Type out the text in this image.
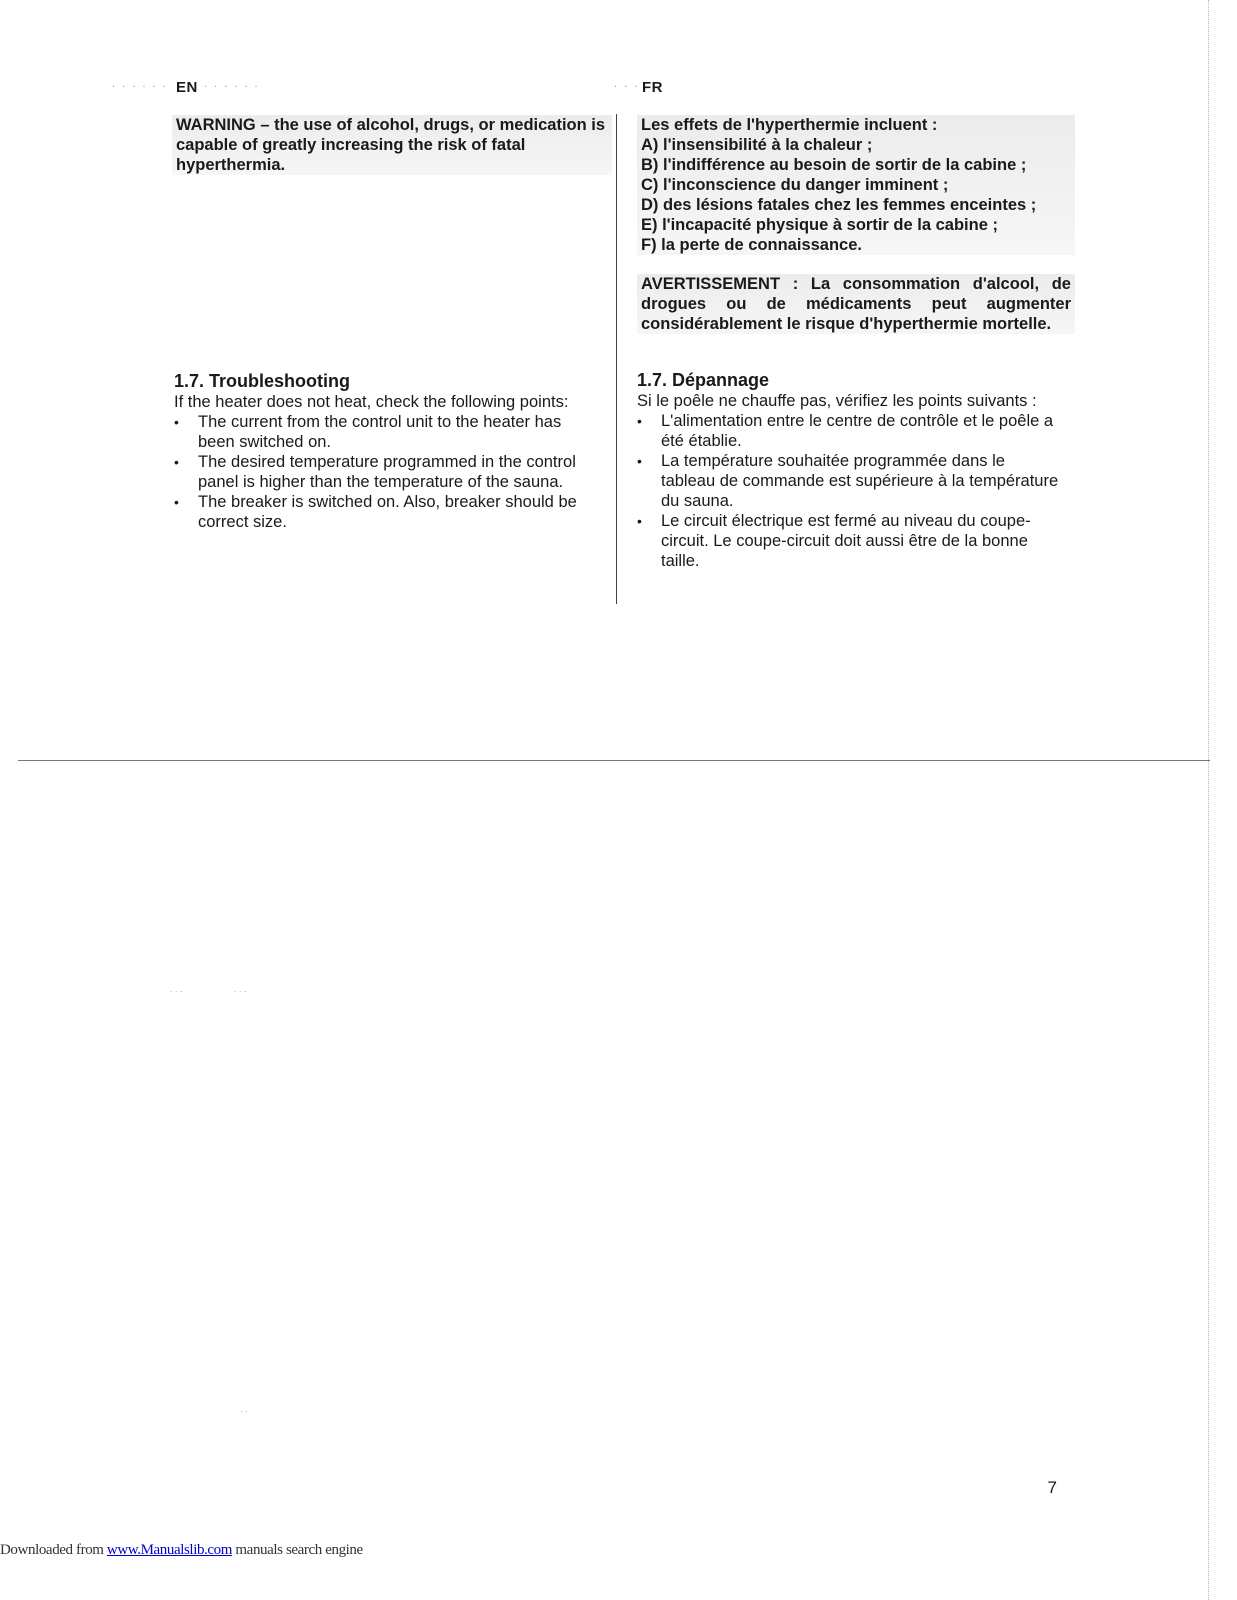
. . . . . . EN . . . . . .	. . . FR
WARNING – the use of alcohol, drugs, or medication is capable of greatly increasing the risk of fatal hyperthermia.
Les effets de l'hyperthermie incluent :
A) l'insensibilité à la chaleur ;
B) l'indifférence au besoin de sortir de la cabine ;
C) l'inconscience du danger imminent ;
D) des lésions fatales chez les femmes enceintes ;
E) l'incapacité physique à sortir de la cabine ;
F) la perte de connaissance.
AVERTISSEMENT : La consommation d'alcool, de drogues ou de médicaments peut augmenter considérablement le risque d'hyperthermie mortelle.
1.7. Troubleshooting

If the heater does not heat, check the following points:

• The current from the control unit to the heater has been switched on.
• The desired temperature programmed in the control panel is higher than the temperature of the sauna.
• The breaker is switched on. Also, breaker should be correct size.
1.7. Dépannage

Si le poêle ne chauffe pas, vérifiez les points suivants :

• L'alimentation entre le centre de contrôle et le poêle a été établie.
• La température souhaitée programmée dans le tableau de commande est supérieure à la température du sauna.
• Le circuit électrique est fermé au niveau du coupe-circuit. Le coupe-circuit doit aussi être de la bonne taille.
. . .	. . .
. .
7
Downloaded from www.Manualslib.com manuals search engine
